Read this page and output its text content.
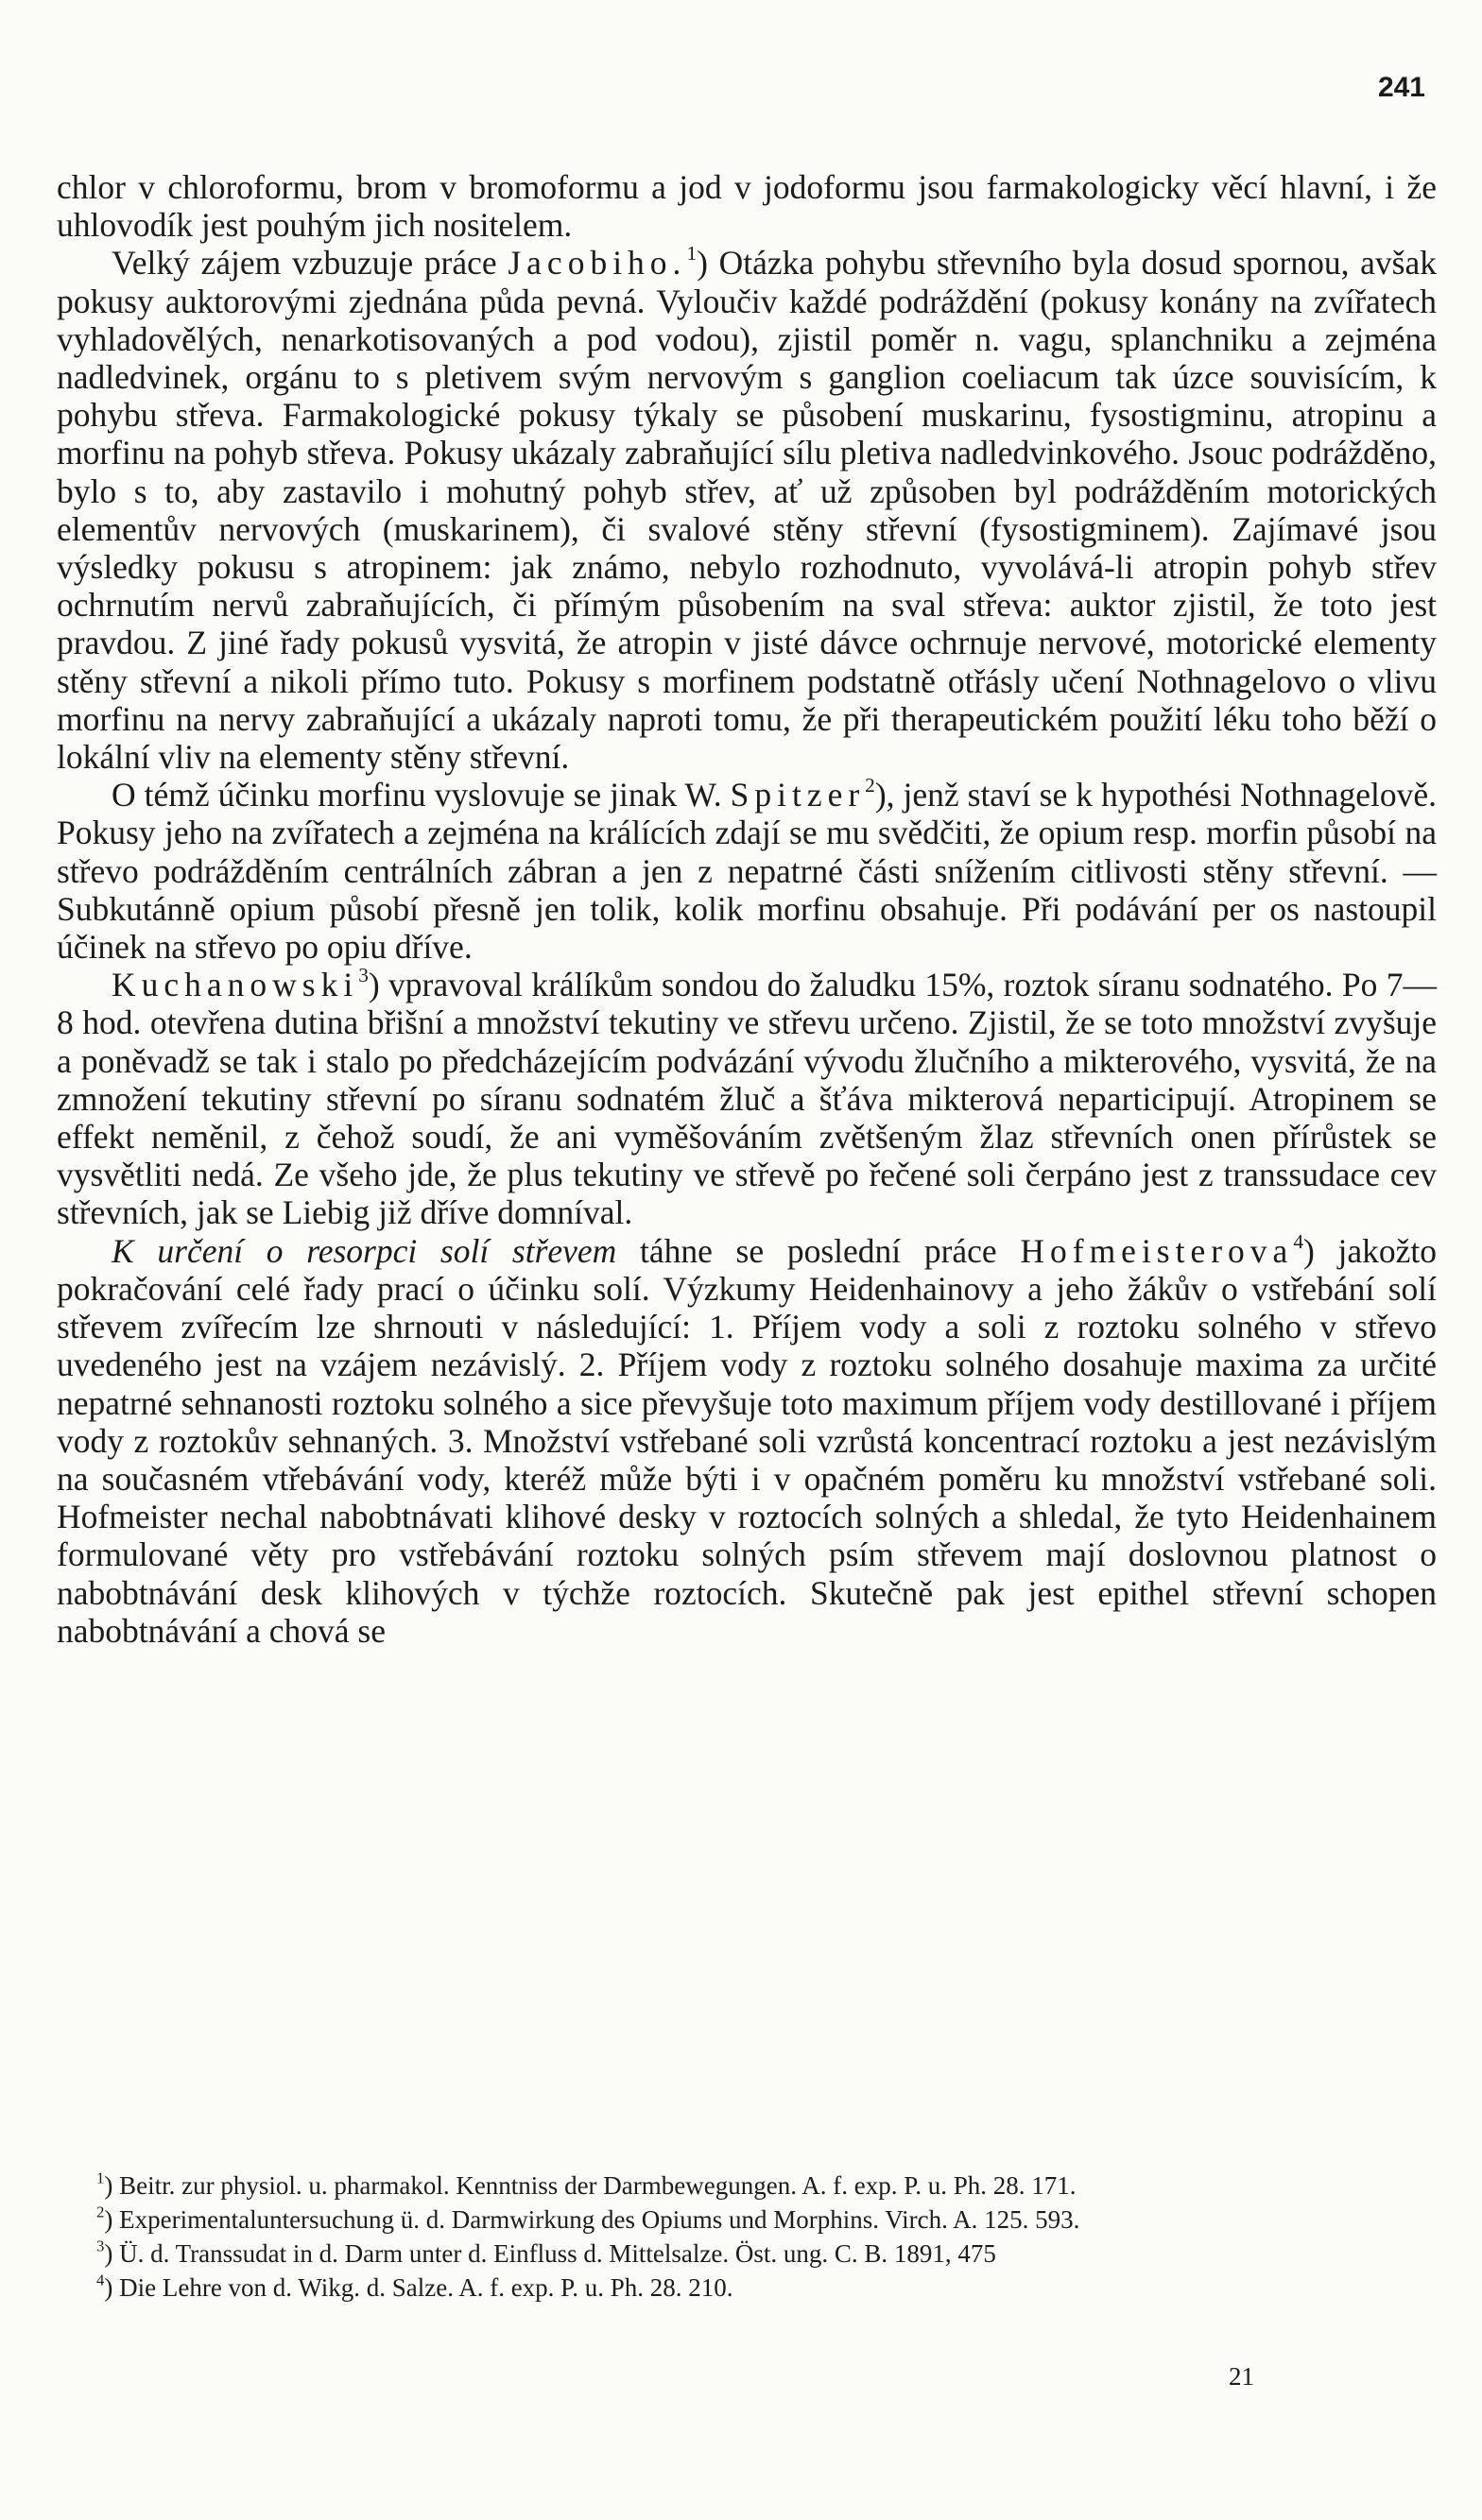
241

chlor v chloroformu, brom v bromoformu a jod v jodoformu jsou farmakologicky věcí hlavní, i že uhlovodík jest pouhým jich nositelem.

Velký zájem vzbuzuje práce Jacobiho.$^1$) Otázka pohybu střevního byla dosud spornou, avšak pokusy auktorovými zjednána půda pevná. Vyloučiv každé podráždění (pokusy konány na zvířatech vyhladovělých, nenarkotisovaných a pod vodou), zjistil poměr n. vagu, splanchniku a zejména nadledvinek, orgánu to s pletivem svým nervovým s ganglion coeliacum tak úzce souvisícím, k pohybu střeva. Farmakologické pokusy týkaly se působení muskarinu, fysostigminu, atropinu a morfinu na pohyb střeva. Pokusy ukázaly zabraňující sílu pletiva nadledvinkového. Jsouc podrážděno, bylo s to, aby zastavilo i mohutný pohyb střev, ať už způsoben byl podrážděním motorických elementův nervových (muskarinem), či svalové stěny střevní (fysostigminem). Zajímavé jsou výsledky pokusu s atropinem: jak známo, nebylo rozhodnuto, vyvolává-li atropin pohyb střev ochrnutím nervů zabraňujících, či přímým působením na sval střeva: auktor zjistil, že toto jest pravdou. Z jiné řady pokusů vysvitá, že atropin v jisté dávce ochrnuje nervové, motorické elementy stěny střevní a nikoli přímo tuto. Pokusy s morfinem podstatně otřásly učení Nothnagelovo o vlivu morfinu na nervy zabraňující a ukázaly naproti tomu, že při therapeutickém použití léku toho běží o lokální vliv na elementy stěny střevní.

O témž účinku morfinu vyslovuje se jinak W. Spitzer$^2$), jenž staví se k hypothési Nothnagelově. Pokusy jeho na zvířatech a zejména na králících zdají se mu svědčiti, že opium resp. morfin působí na střevo podrážděním centrálních zábran a jen z nepatrné části snížením citlivosti stěny střevní. — Subkutánně opium působí přesně jen tolik, kolik morfinu obsahuje. Při podávání per os nastoupil účinek na střevo po opiu dříve.

Kuchanowski$^3$) vpravoval králíkům sondou do žaludku 15%, roztok síranu sodnatého. Po 7—8 hod. otevřena dutina břišní a množství tekutiny ve střevu určeno. Zjistil, že se toto množství zvyšuje a poněvadž se tak i stalo po předcházejícím podvázání vývodu žlučního a mikterového, vysvitá, že na zmnožení tekutiny střevní po síranu sodnatém žluč a šťáva mikterová neparticipují. Atropinem se effekt neměnil, z čehož soudí, že ani vyměšováním zvětšeným žlaz střevních onen přírůstek se vysvětliti nedá. Ze všeho jde, že plus tekutiny ve střevě po řečené soli čerpáno jest z transsudace cev střevních, jak se Liebig již dříve domníval.

K určení o resorpci solí střevem táhne se poslední práce Hofmeisterova$^4$) jakožto pokračování celé řady prací o účinku solí. Výzkumy Heidenhainovy a jeho žákův o vstřebání solí střevem zvířecím lze shrnouti v následující: 1. Příjem vody a soli z roztoku solného v střevo uvedeného jest na vzájem nezávislý. 2. Příjem vody z roztoku solného dosahuje maxima za určité nepatrné sehnanosti roztoku solného a sice převyšuje toto maximum příjem vody destillované i příjem vody z roztokův sehnaných. 3. Množství vstřebané soli vzrůstá koncentrací roztoku a jest nezávislým na současném vtřebávání vody, kteréž může býti i v opačném poměru ku množství vstřebané soli. Hofmeister nechal nabobtnávati klihové desky v roztocích solných a shledal, že tyto Heidenhainem formulované věty pro vstřebávání roztoku solných psím střevem mají doslovnou platnost o nabobtnávání desk klihových v týchže roztocích. Skutečně pak jest epithel střevní schopen nabobtnávání a chová se

$^1$) Beitr. zur physiol. u. pharmakol. Kenntniss der Darmbewegungen. A. f. exp. P. u. Ph. 28. 171.
$^2$) Experimentaluntersuchung ü. d. Darmwirkung des Opiums und Morphins. Virch. A. 125. 593.
$^3$) Ü. d. Transsudat in d. Darm unter d. Einfluss d. Mittelsalze. Öst. ung. C. B. 1891, 475
$^4$) Die Lehre von d. Wikg. d. Salze. A. f. exp. P. u. Ph. 28. 210.
21
